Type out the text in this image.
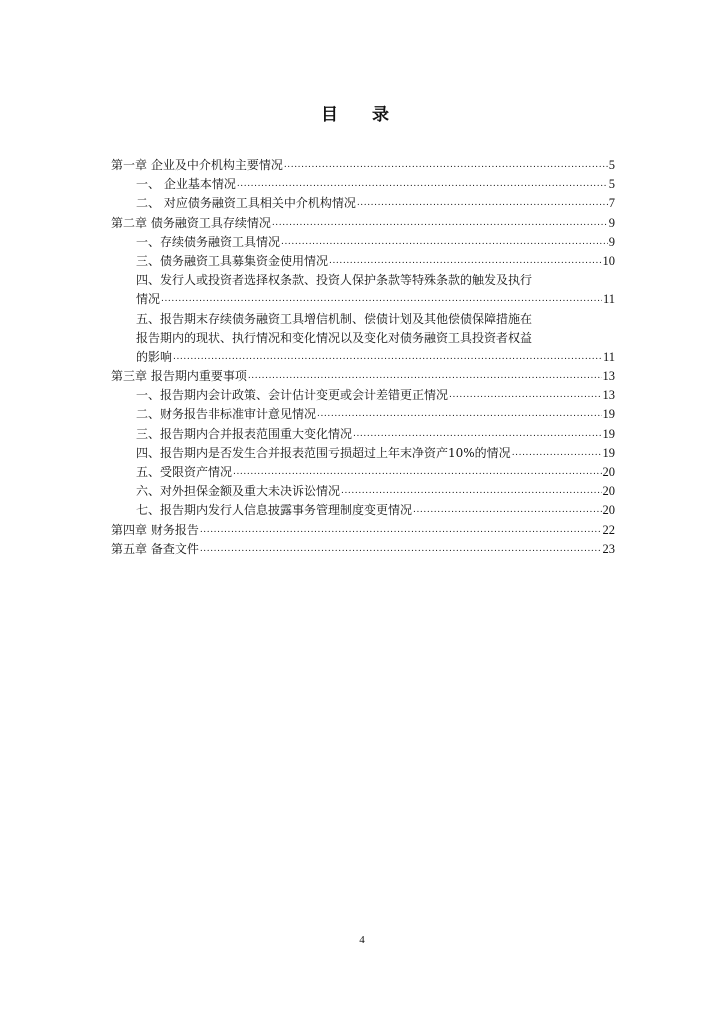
目 录
第一章 企业及中介机构主要情况 .....	5
一、 企业基本情况 .....	5
二、 对应债务融资工具相关中介机构情况 .....	7
第二章 债务融资工具存续情况 .....	9
一、存续债务融资工具情况 .....	9
三、债务融资工具募集资金使用情况 .....	10
四、发行人或投资者选择权条款、投资人保护条款等特殊条款的触发及执行
情况 .....	11
五、报告期末存续债务融资工具增信机制、偿债计划及其他偿债保障措施在
报告期内的现状、执行情况和变化情况以及变化对债务融资工具投资者权益
的影响 .....	11
第三章 报告期内重要事项 .....	13
一、报告期内会计政策、会计估计变更或会计差错更正情况 .....	13
二、财务报告非标准审计意见情况 .....	19
三、报告期内合并报表范围重大变化情况 .....	19
四、报告期内是否发生合并报表范围亏损超过上年末净资产10%的情况 .....	19
五、受限资产情况 .....	20
六、对外担保金额及重大未决诉讼情况 .....	20
七、报告期内发行人信息披露事务管理制度变更情况 .....	20
第四章 财务报告 .....	22
第五章 备查文件 .....	23
4
